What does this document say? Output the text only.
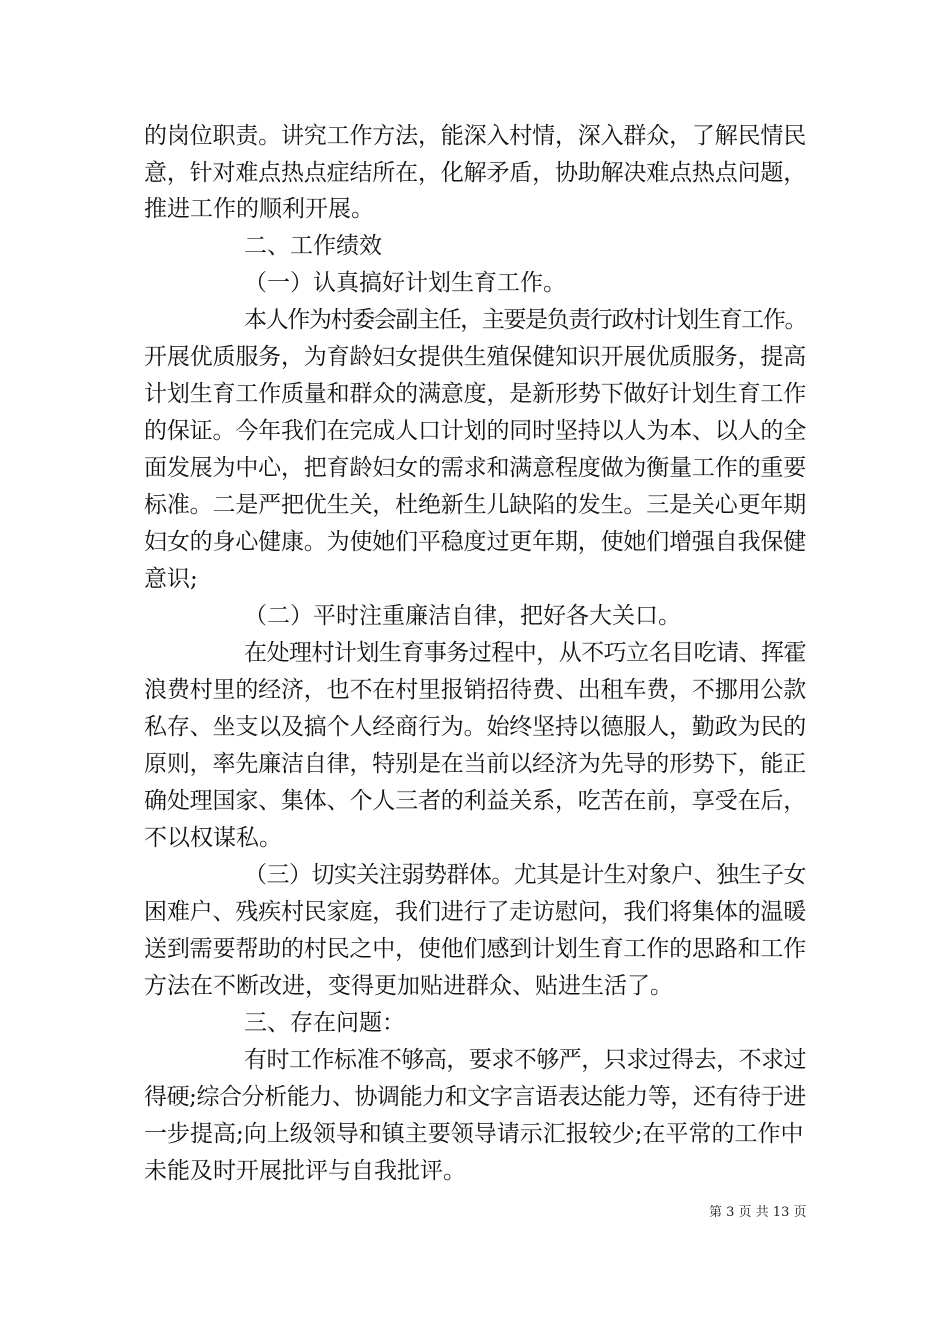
的岗位职责。讲究工作方法，能深入村情，深入群众，了解民情民
意，针对难点热点症结所在，化解矛盾，协助解决难点热点问题，
推进工作的顺利开展。
二、工作绩效
（一）认真搞好计划生育工作。
本人作为村委会副主任，主要是负责行政村计划生育工作。
开展优质服务，为育龄妇女提供生殖保健知识开展优质服务，提高
计划生育工作质量和群众的满意度，是新形势下做好计划生育工作
的保证。今年我们在完成人口计划的同时坚持以人为本、以人的全
面发展为中心，把育龄妇女的需求和满意程度做为衡量工作的重要
标准。二是严把优生关，杜绝新生儿缺陷的发生。三是关心更年期
妇女的身心健康。为使她们平稳度过更年期，使她们增强自我保健
意识;
（二）平时注重廉洁自律，把好各大关口。
在处理村计划生育事务过程中，从不巧立名目吃请、挥霍
浪费村里的经济，也不在村里报销招待费、出租车费，不挪用公款
私存、坐支以及搞个人经商行为。始终坚持以德服人，勤政为民的
原则，率先廉洁自律，特别是在当前以经济为先导的形势下，能正
确处理国家、集体、个人三者的利益关系，吃苦在前，享受在后，
不以权谋私。
（三）切实关注弱势群体。尤其是计生对象户、独生子女
困难户、残疾村民家庭，我们进行了走访慰问，我们将集体的温暖
送到需要帮助的村民之中，使他们感到计划生育工作的思路和工作
方法在不断改进，变得更加贴进群众、贴进生活了。
三、存在问题：
有时工作标准不够高，要求不够严，只求过得去，不求过
得硬;综合分析能力、协调能力和文字言语表达能力等，还有待于进
一步提高;向上级领导和镇主要领导请示汇报较少;在平常的工作中
未能及时开展批评与自我批评。
第 3 页 共 13 页
